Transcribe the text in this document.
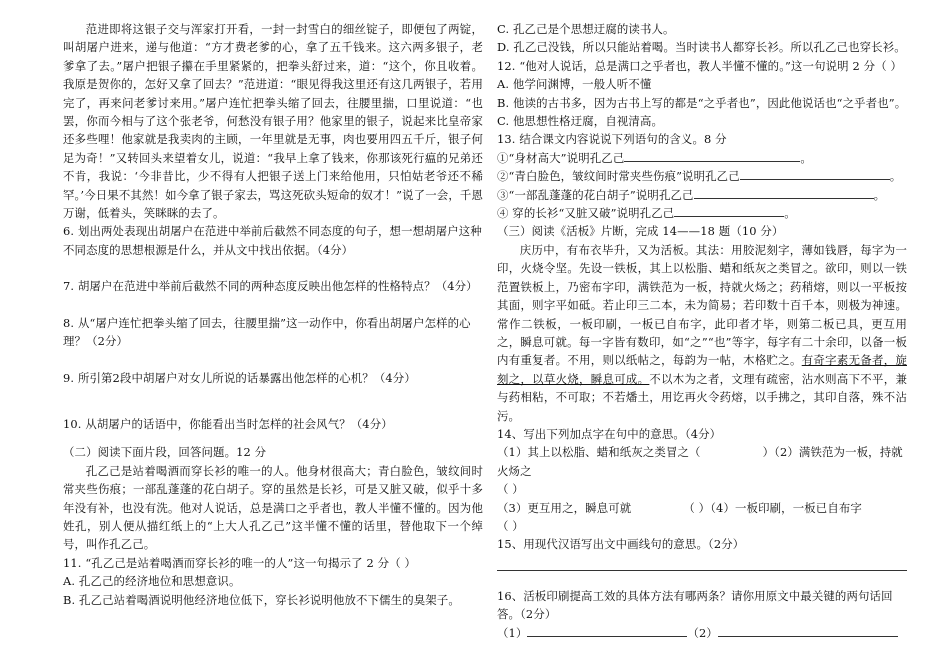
范进即将这银子交与浑家打开看，一封一封雪白的细丝锭子，即便包了两锭，叫胡屠户进来，递与他道：“方才费老爹的心，拿了五千钱来。这六两多银子，老爹拿了去。”屠户把银子攥在手里紧紧的，把拳头舒过来，道：“这个，你且收着。我原是贺你的，怎好又拿了回去？”范进道：“眼见得我这里还有这几两银子，若用完了，再来问老爹讨来用。”屠户连忙把拳头缩了回去，往腰里揣，口里说道：“也罢，你而今相与了这个张老爷，何愁没有银子用？他家里的银子，说起来比皇帝家还多些哩！他家就是我卖肉的主顾，一年里就是无事，肉也要用四五千斤，银子何足为奇！”又转回头来望着女儿，说道：“我早上拿了钱来，你那该死行瘟的兄弟还不肯，我说：‘今非昔比，少不得有人把银子送上门来给他用，只怕姑老爷还不稀罕。’今日果不其然！如今拿了银子家去，骂这死砍头短命的奴才！”说了一会，千恩万谢，低着头，笑眯眯的去了。

6. 划出两处表现出胡屠户在范进中举前后截然不同态度的句子，想一想胡屠户这种不同态度的思想根源是什么，并从文中找出依据。（4分）

7. 胡屠户在范进中举前后截然不同的两种态度反映出他怎样的性格特点？（4分）

8. 从“屠户连忙把拳头缩了回去，往腰里揣”这一动作中，你看出胡屠户怎样的心理？（2分）

9. 所引第2段中胡屠户对女儿所说的话暴露出他怎样的心机？（4分）

10. 从胡屠户的话语中，你能看出当时怎样的社会风气？（4分）

（二）阅读下面片段，回答问题。12 分

孔乙己是站着喝酒而穿长衫的唯一的人。他身材很高大；青白脸色，皱纹间时常夹些伤痕；一部乱蓬蓬的花白胡子。穿的虽然是长衫，可是又脏又破，似乎十多年没有补，也没有洗。他对人说话，总是满口之乎者也，教人半懂不懂的。因为他姓孔，别人便从描红纸上的“上大人孔乙己”这半懂不懂的话里，替他取下一个绰号，叫作孔乙己。

11. “孔乙己是站着喝酒而穿长衫的唯一的人”这一句揭示了 2 分（ ）

A. 孔乙己的经济地位和思想意识。

B. 孔乙己站着喝酒说明他经济地位低下，穿长衫说明他放不下儒生的臭架子。

C. 孔乙己是个思想迂腐的读书人。

D. 孔乙己没钱，所以只能站着喝。当时读书人都穿长衫。所以孔乙己也穿长衫。

12. “他对人说话，总是满口之乎者也，教人半懂不懂的。”这一句说明 2 分（ ）

A. 他学问渊博，一般人听不懂

B. 他读的古书多，因为古书上写的都是“之乎者也”，因此他说话也“之乎者也”。

C. 他思想性格迂腐，自视清高。

13. 结合课文内容说说下列语句的含义。8 分

①“身材高大”说明孔乙己	。

②“青白脸色，皱纹间时常夹些伤痕”说明孔乙己	。

③“一部乱蓬蓬的花白胡子”说明孔乙己	。

④ 穿的长衫“又脏又破”说明孔乙己	。

（三）阅读《活板》片断，完成 14——18 题（10 分）

庆历中，有布衣毕升，又为活板。其法：用胶泥刻字，薄如钱唇，每字为一印，火烧令坚。先设一铁板，其上以松脂、蜡和纸灰之类冒之。欲印，则以一铁范置铁板上，乃密布字印，满铁范为一板，持就火炀之；药稍熔，则以一平板按其面，则字平如砥。若止印三二本，未为简易；若印数十百千本，则极为神速。常作二铁板，一板印刷，一板已自布字，此印者才毕，则第二板已具，更互用之，瞬息可就。每一字皆有数印，如“之”“也”等字，每字有二十余印，以备一板内有重复者。不用，则以纸帖之，每韵为一帖，木格贮之。有奇字素无备者，旋刻之，以草火烧，瞬息可成。不以木为之者，文理有疏密，沾水则高下不平，兼与药相粘，不可取；不若燔土，用讫再火令药熔，以手拂之，其印自落，殊不沾污。

14、写出下列加点字在句中的意思。（4分）

（1）其上以松脂、蜡和纸灰之类冒之（	）（2）满铁范为一板，持就火炀之

（ ）

（3）更互用之，瞬息可就	（ ）（4）一板印刷，一板已自布字

（ ）

15、用现代汉语写出文中画线句的意思。（2分）

16、活板印刷提高工效的具体方法有哪两条？请你用原文中最关键的两句话回答。（2分）

（1）	（2）
